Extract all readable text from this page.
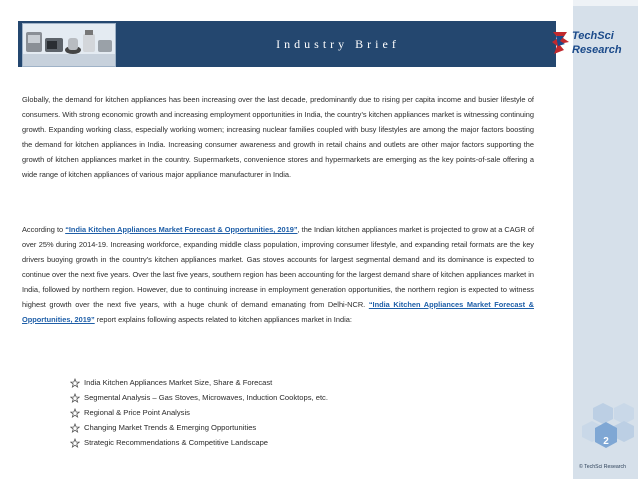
Industry Brief
TechSci
Research
Globally, the demand for kitchen appliances has been increasing over the last decade, predominantly due to rising per capita income and busier lifestyle of consumers. With strong economic growth and increasing employment opportunities in India, the country’s kitchen appliances market is witnessing continuing growth. Expanding working class, especially working women; increasing nuclear families coupled with busy lifestyles are among the major factors boosting the demand for kitchen appliances in India. Increasing consumer awareness and growth in retail chains and outlets are other major factors supporting the growth of kitchen appliances market in the country. Supermarkets, convenience stores and hypermarkets are emerging as the key points-of-sale offering a wide range of kitchen appliances of various major appliance manufacturer in India.
According to “India Kitchen Appliances Market Forecast & Opportunities, 2019”, the Indian kitchen appliances market is projected to grow at a CAGR of over 25% during 2014-19. Increasing workforce, expanding middle class population, improving consumer lifestyle, and expanding retail formats are the key drivers buoying growth in the country’s kitchen appliances market. Gas stoves accounts for largest segmental demand and its dominance is expected to continue over the next five years. Over the last five years, southern region has been accounting for the largest demand share of kitchen appliances market in India, followed by northern region. However, due to continuing increase in employment generation opportunities, the northern region is expected to witness highest growth over the next five years, with a huge chunk of demand emanating from Delhi-NCR. “India Kitchen Appliances Market Forecast & Opportunities, 2019” report explains following aspects related to kitchen appliances market in India:
India Kitchen Appliances Market Size, Share & Forecast
Segmental Analysis – Gas Stoves, Microwaves, Induction Cooktops, etc.
Regional & Price Point Analysis
Changing Market Trends & Emerging Opportunities
Strategic Recommendations & Competitive Landscape	2
© TechSci Research
